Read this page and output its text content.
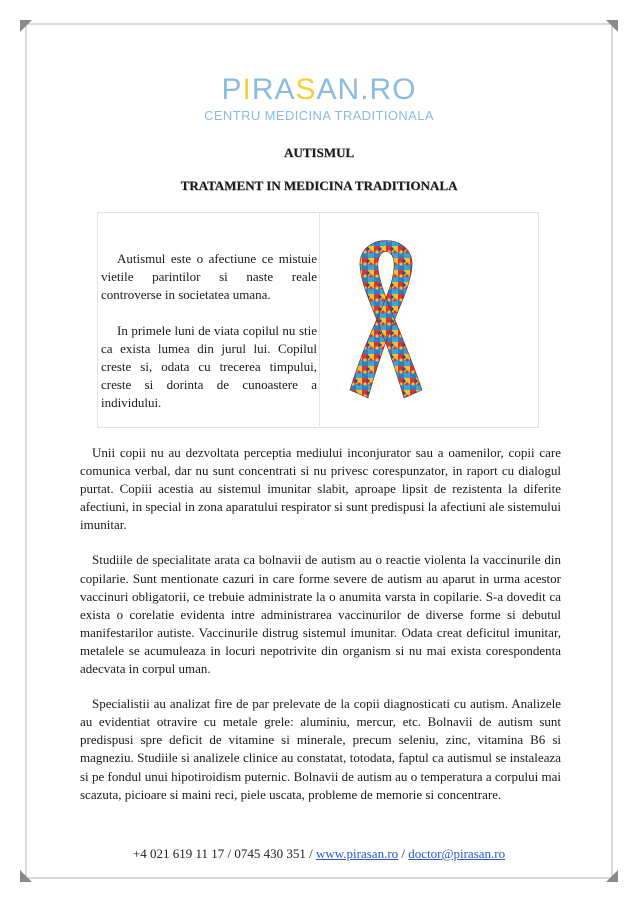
PIRASAN.RO
CENTRU MEDICINA TRADITIONALA
AUTISMUL
TRATAMENT IN MEDICINA TRADITIONALA

Autismul este o afectiune ce mistuie vietile parintilor si naste reale controverse in societatea umana.

In primele luni de viata copilul nu stie ca exista lumea din jurul lui. Copilul creste si, odata cu trecerea timpului, creste si dorinta de cunoastere a individului.

Unii copii nu au dezvoltata perceptia mediului inconjurator sau a oamenilor, copii care comunica verbal, dar nu sunt concentrati si nu privesc corespunzator, in raport cu dialogul purtat. Copiii acestia au sistemul imunitar slabit, aproape lipsit de rezistenta la diferite afectiuni, in special in zona aparatului respirator si sunt predispusi la afectiuni ale sistemului imunitar.

Studiile de specialitate arata ca bolnavii de autism au o reactie violenta la vaccinurile din copilarie. Sunt mentionate cazuri in care forme severe de autism au aparut in urma acestor vaccinuri obligatorii, ce trebuie administrate la o anumita varsta in copilarie. S-a dovedit ca exista o corelatie evidenta intre administrarea vaccinurilor de diverse forme si debutul manifestarilor autiste. Vaccinurile distrug sistemul imunitar. Odata creat deficitul imunitar, metalele se acumuleaza in locuri nepotrivite din organism si nu mai exista corespondenta adecvata in corpul uman.

Specialistii au analizat fire de par prelevate de la copii diagnosticati cu autism. Analizele au evidentiat otravire cu metale grele: aluminiu, mercur, etc. Bolnavii de autism sunt predispusi spre deficit de vitamine si minerale, precum seleniu, zinc, vitamina B6 si magneziu. Studiile si analizele clinice au constatat, totodata, faptul ca autismul se instaleaza si pe fondul unui hipotiroidism puternic. Bolnavii de autism au o temperatura a corpului mai scazuta, picioare si maini reci, piele uscata, probleme de memorie si concentrare.

+4 021 619 11 17 / 0745 430 351 / www.pirasan.ro / doctor@pirasan.ro
